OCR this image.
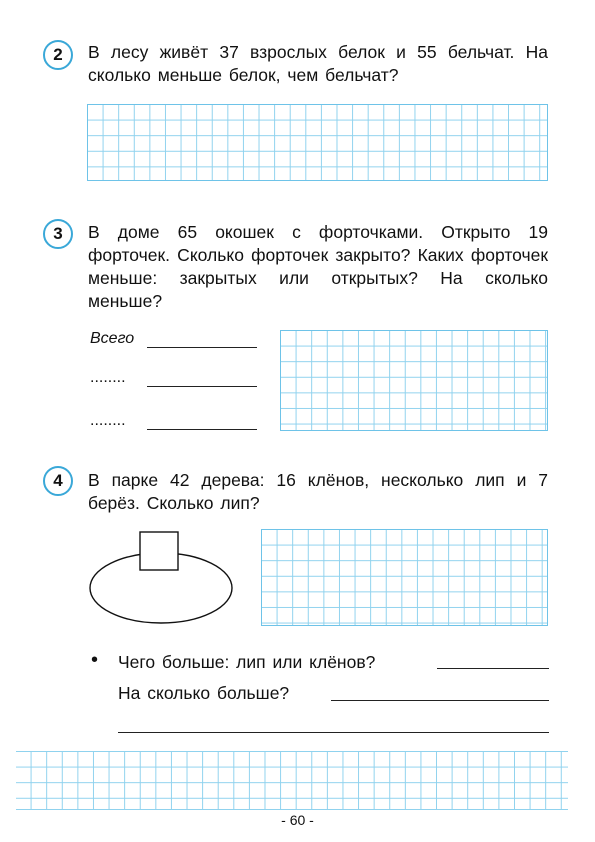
2	В лесу живёт 37 взрослых белок и 55 бельчат. На сколько меньше белок, чем бельчат?
3	В доме 65 окошек с форточками. Открыто 19 форточек. Сколько форточек закрыто? Каких форточек меньше: закрытых или открытых? На сколько меньше?
Всего
........
........
4	В парке 42 дерева: 16 клёнов, несколько лип и 7 берёз. Сколько лип?
• Чего больше: лип или клёнов?
На сколько больше?
- 60 -
